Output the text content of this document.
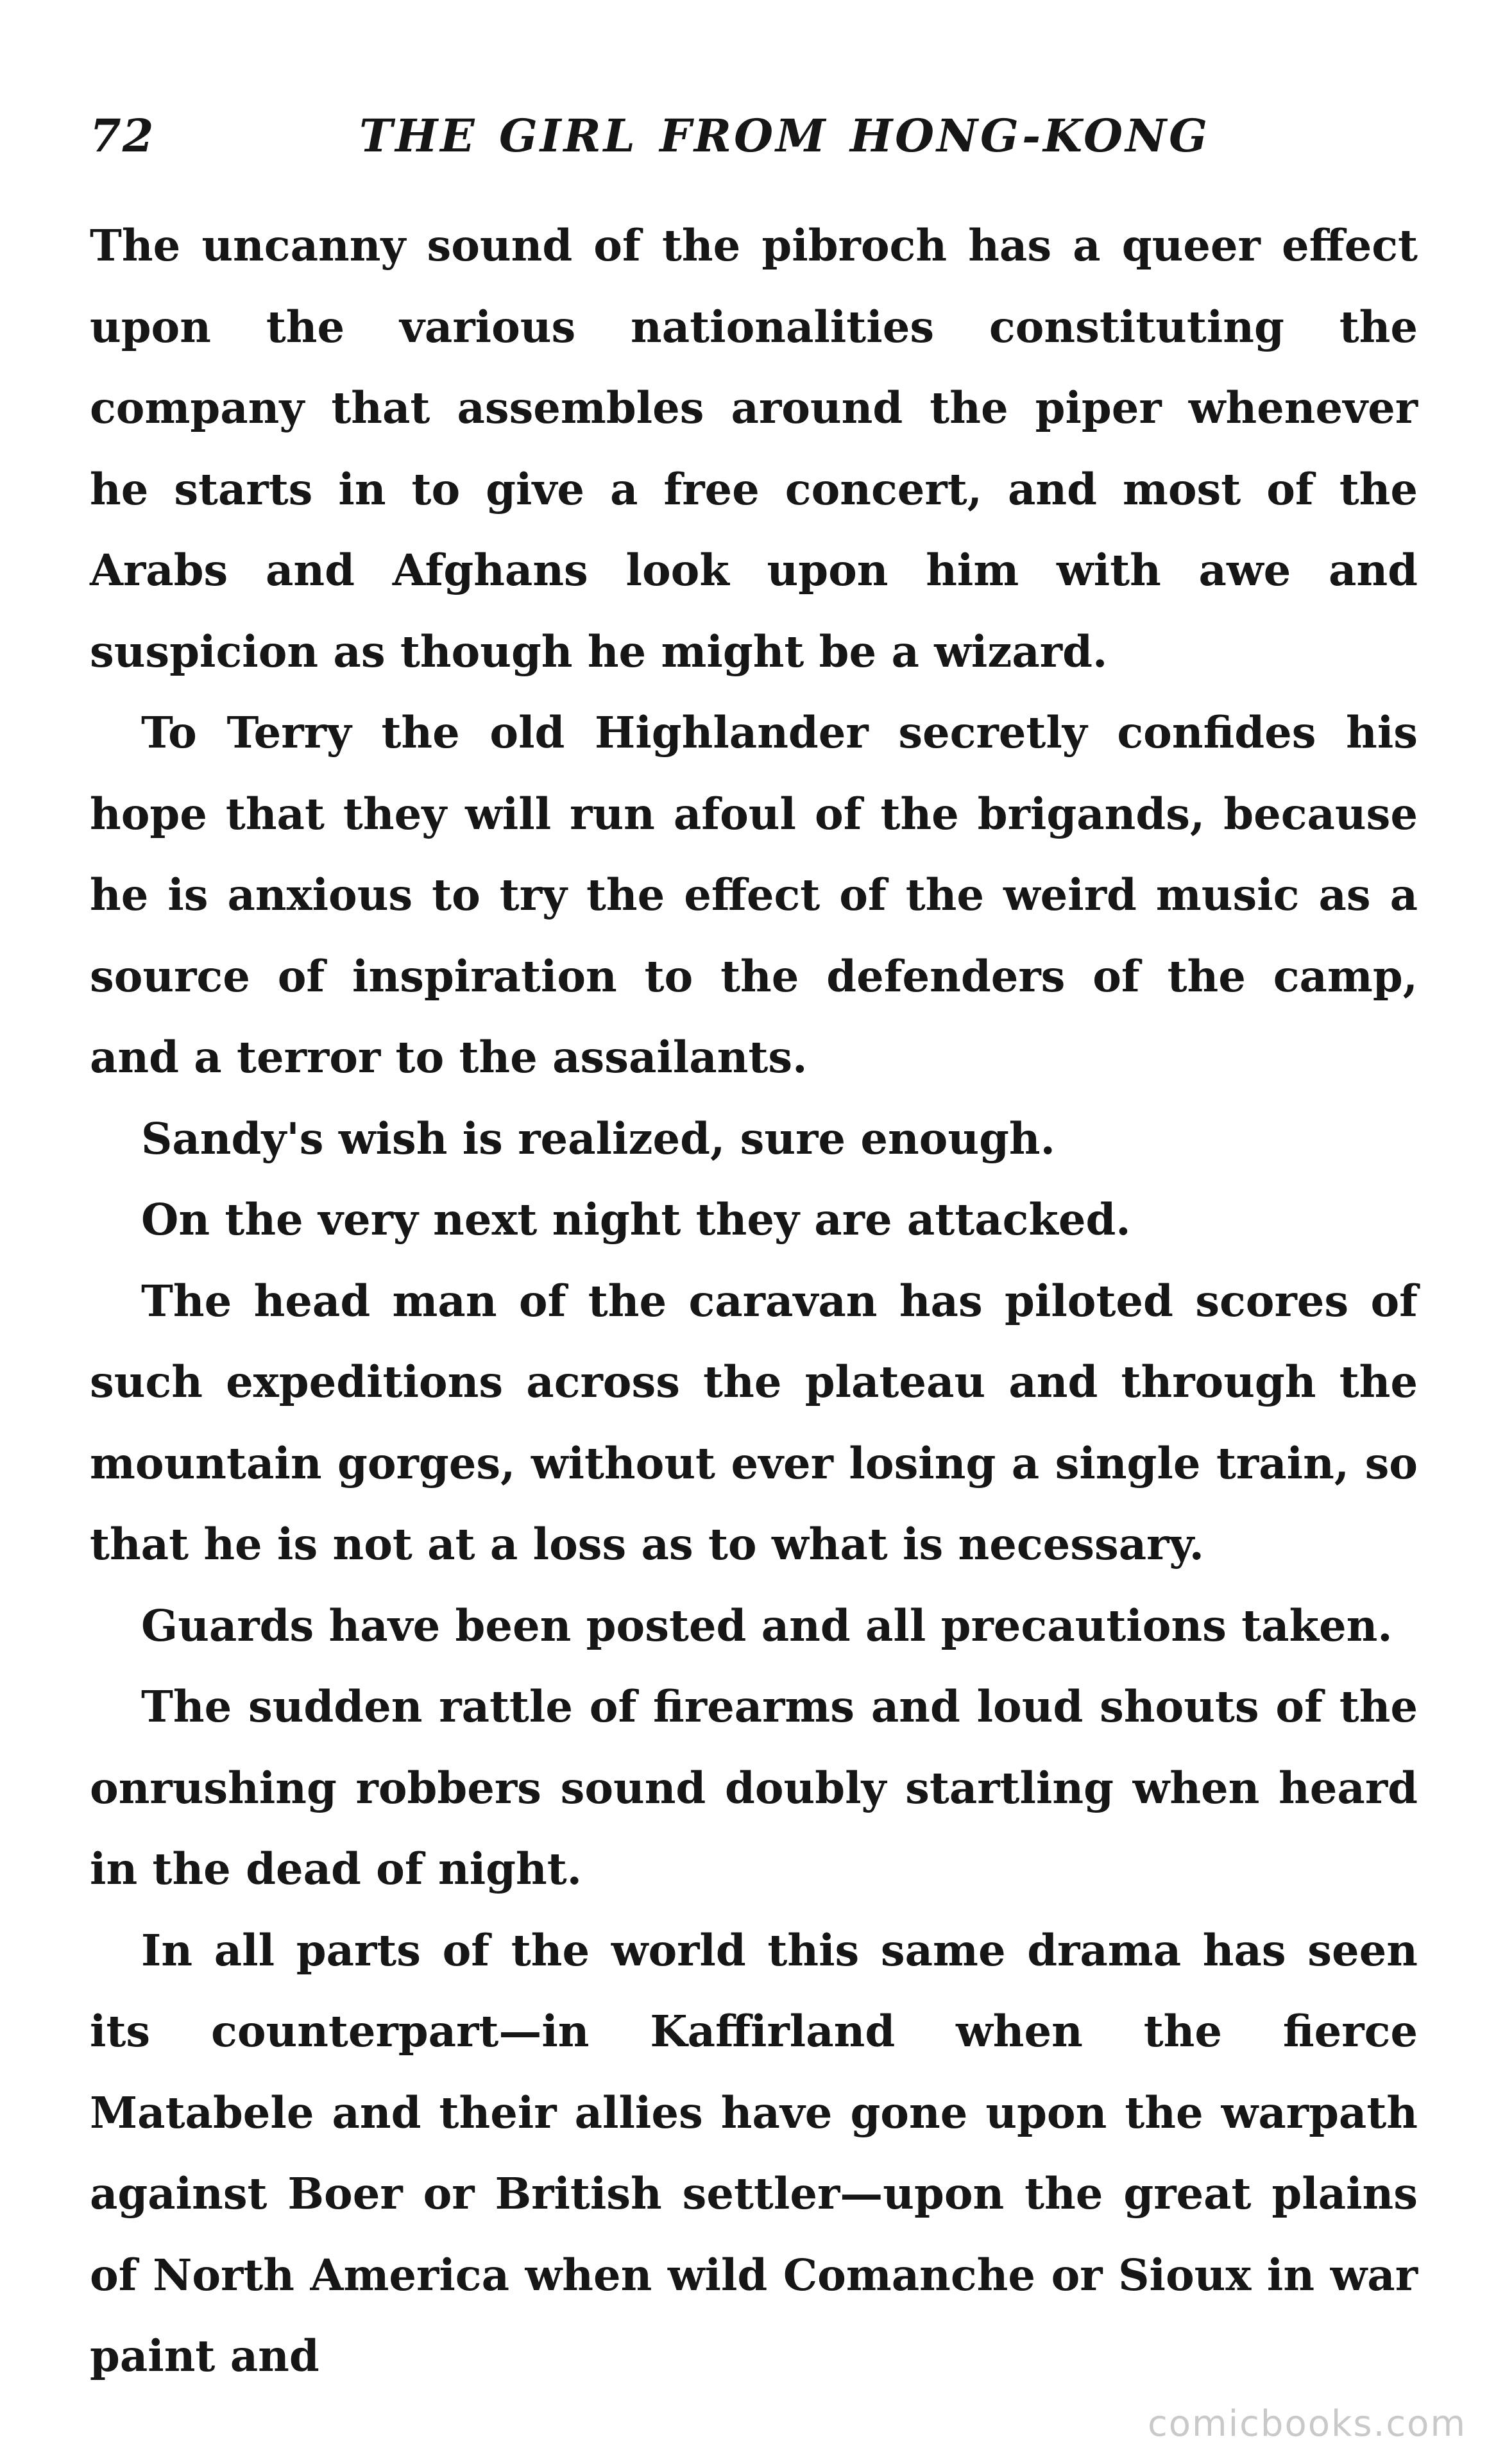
72	THE GIRL FROM HONG-KONG

The uncanny sound of the pibroch has a queer effect upon the various nationalities constituting the company that assembles around the piper whenever he starts in to give a free concert, and most of the Arabs and Afghans look upon him with awe and suspicion as though he might be a wizard.

To Terry the old Highlander secretly confides his hope that they will run afoul of the brigands, because he is anxious to try the effect of the weird music as a source of inspiration to the defenders of the camp, and a terror to the assailants.

Sandy's wish is realized, sure enough.

On the very next night they are attacked.

The head man of the caravan has piloted scores of such expeditions across the plateau and through the mountain gorges, without ever losing a single train, so that he is not at a loss as to what is necessary.

Guards have been posted and all precautions taken.

The sudden rattle of firearms and loud shouts of the onrushing robbers sound doubly startling when heard in the dead of night.

In all parts of the world this same drama has seen its counterpart—in Kaffirland when the fierce Matabele and their allies have gone upon the warpath against Boer or British settler—upon the great plains of North America when wild Comanche or Sioux in war paint and

comicbooks.com
